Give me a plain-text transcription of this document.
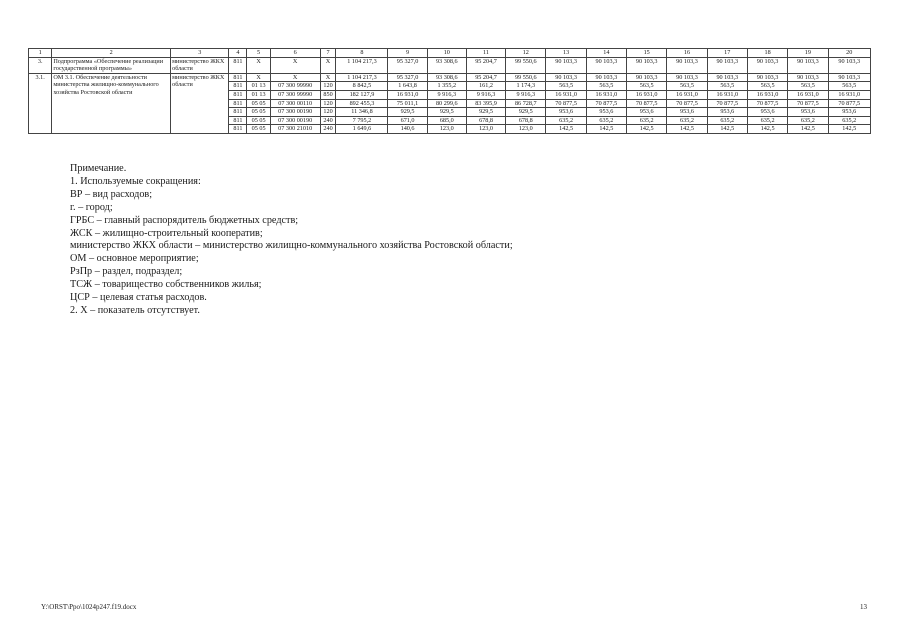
1	2	3	4	5	6	7	8	9	10	11	12	13	14	15	16	17	18	19	20
3.	Подпрограмма «Обеспечение реализации государственной программы»	министерство ЖКХ области	811	X	X	X	1 104 217,3	95 327,0	93 308,6	95 204,7	99 550,6	90 103,3	90 103,3	90 103,3	90 103,3	90 103,3	90 103,3	90 103,3	90 103,3
3.1.	ОМ 3.1. Обеспечение деятельности министерства жилищно-коммунального хозяйства Ростовской области	министерство ЖКХ области	811	X	X	X	1 104 217,3	95 327,0	93 308,6	95 204,7	99 550,6	90 103,3	90 103,3	90 103,3	90 103,3	90 103,3	90 103,3	90 103,3	90 103,3
			811	01 13	07 300 99990	120	8 842,5	1 643,8	1 355,2	161,2	1 174,3	563,5	563,5	563,5	563,5	563,5	563,5	563,5	563,5
			811	01 13	07 300 99990	850	182 127,9	16 931,0	9 916,3	9 916,3	9 916,3	16 931,0	16 931,0	16 931,0	16 931,0	16 931,0	16 931,0	16 931,0	16 931,0
			811	05 05	07 300 00110	120	892 455,3	75 011,1	80 299,6	83 395,9	86 728,7	70 877,5	70 877,5	70 877,5	70 877,5	70 877,5	70 877,5	70 877,5	70 877,5
			811	05 05	07 300 00190	120	11 346,8	929,5	929,5	929,5	929,5	953,6	953,6	953,6	953,6	953,6	953,6	953,6	953,6
			811	05 05	07 300 00190	240	7 795,2	671,0	685,0	678,8	678,8	635,2	635,2	635,2	635,2	635,2	635,2	635,2	635,2
			811	05 05	07 300 21010	240	1 649,6	140,6	123,0	123,0	123,0	142,5	142,5	142,5	142,5	142,5	142,5	142,5	142,5
Примечание.
1. Используемые сокращения:
ВР – вид расходов;
г. – город;
ГРБС – главный распорядитель бюджетных средств;
ЖСК – жилищно-строительный кооператив;
министерство ЖКХ области – министерство жилищно-коммунального хозяйства Ростовской области;
ОМ – основное мероприятие;
РзПр – раздел, подраздел;
ТСЖ – товарищество собственников жилья;
ЦСР – целевая статья расходов.
2. Х – показатель отсутствует.
Y:\ORST\Ppo\1024p247.f19.docx	13
